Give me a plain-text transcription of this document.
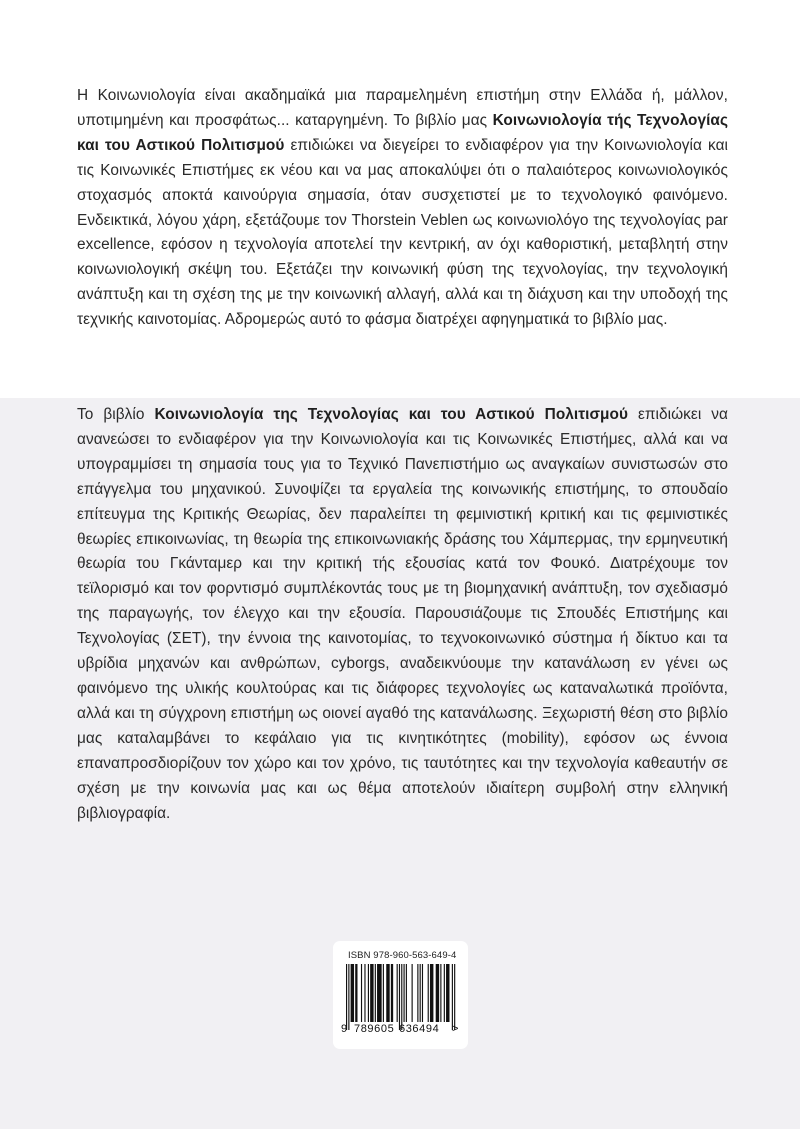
Η Κοινωνιολογία είναι ακαδημαϊκά μια παραμελημένη επιστήμη στην Ελλάδα ή, μάλλον, υποτιμημένη και προσφάτως... καταργημένη. Το βιβλίο μας Κοινωνιολογία τής Τεχνολογίας και του Αστικού Πολιτισμού επιδιώκει να διεγείρει το ενδιαφέρον για την Κοινωνιολογία και τις Κοινωνικές Επιστήμες εκ νέου και να μας αποκαλύψει ότι ο παλαιότερος κοινωνιολογικός στοχασμός αποκτά καινούργια σημασία, όταν συσχετιστεί με το τεχνολογικό φαινόμενο. Ενδεικτικά, λόγου χάρη, εξετάζουμε τον Thorstein Veblen ως κοινωνιολόγο της τεχνολογίας par excellence, εφόσον η τεχνολογία αποτελεί την κεντρική, αν όχι καθοριστική, μεταβλητή στην κοινωνιολογική σκέψη του. Εξετάζει την κοινωνική φύση της τεχνολογίας, την τεχνολογική ανάπτυξη και τη σχέση της με την κοινωνική αλλαγή, αλλά και τη διάχυση και την υποδοχή της τεχνικής καινοτομίας. Αδρομερώς αυτό το φάσμα διατρέχει αφηγηματικά το βιβλίο μας.

Το βιβλίο Κοινωνιολογία της Τεχνολογίας και του Αστικού Πολιτισμού επιδιώκει να ανανεώσει το ενδιαφέρον για την Κοινωνιολογία και τις Κοινωνικές Επιστήμες, αλλά και να υπογραμμίσει τη σημασία τους για το Τεχνικό Πανεπιστήμιο ως αναγκαίων συνιστωσών στο επάγγελμα του μηχανικού. Συνοψίζει τα εργαλεία της κοινωνικής επιστήμης, το σπουδαίο επίτευγμα της Κριτικής Θεωρίας, δεν παραλείπει τη φεμινιστική κριτική και τις φεμινιστικές θεωρίες επικοινωνίας, τη θεωρία της επικοινωνιακής δράσης του Χάμπερμας, την ερμηνευτική θεωρία του Γκάνταμερ και την κριτική τής εξουσίας κατά τον Φουκό. Διατρέχουμε τον τεϊλορισμό και τον φορντισμό συμπλέκοντάς τους με τη βιομηχανική ανάπτυξη, τον σχεδιασμό της παραγωγής, τον έλεγχο και την εξουσία. Παρουσιάζουμε τις Σπουδές Επιστήμης και Τεχνολογίας (ΣΕΤ), την έννοια της καινοτομίας, το τεχνοκοινωνικό σύστημα ή δίκτυο και τα υβρίδια μηχανών και ανθρώπων, cyborgs, αναδεικνύουμε την κατανάλωση εν γένει ως φαινόμενο της υλικής κουλτούρας και τις διάφορες τεχνολογίες ως καταναλωτικά προϊόντα, αλλά και τη σύγχρονη επιστήμη ως οιονεί αγαθό της κατανάλωσης. Ξεχωριστή θέση στο βιβλίο μας καταλαμβάνει το κεφάλαιο για τις κινητικότητες (mobility), εφόσον ως έννοια επαναπροσδιορίζουν τον χώρο και τον χρόνο, τις ταυτότητες και την τεχνολογία καθεαυτήν σε σχέση με την κοινωνία μας και ως θέμα αποτελούν ιδιαίτερη συμβολή στην ελληνική βιβλιογραφία.

ISBN 978-960-563-649-4
9 789605 636494 >
